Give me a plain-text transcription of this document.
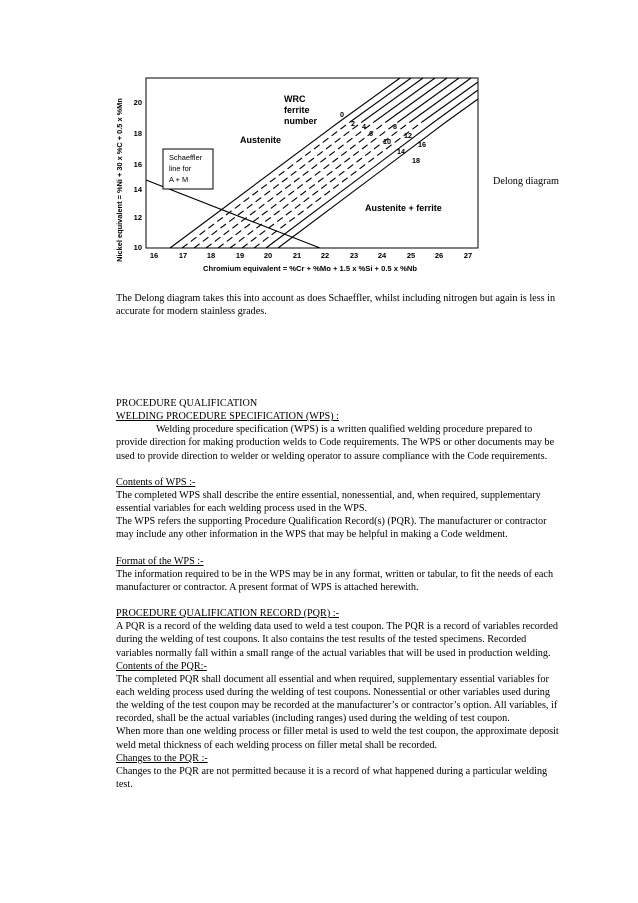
Nickel equivalent = %Ni + 30 x %C + 0.5 x %Mn 20
18
16
14
12
10
16	17	18	19	20	21	22	23	24	25	26	27
Chromium equivalent = %Cr + %Mo + 1.5 x %Si + 0.5 x %Nb
Schaeffler
line for
A + M
Austenite
Austenite + ferrite
WRC
ferrite
number
0
2 4
6
8
10
12
14
16
18
Delong diagram
The Delong diagram takes this into account as does Schaeffler, whilst including nitrogen but again is less in accurate for modern stainless grades.

PROCEDURE QUALIFICATION

WELDING PROCEDURE SPECIFICATION (WPS) :

Welding procedure specification (WPS) is a written qualified welding procedure prepared to provide direction for making production welds to Code requirements. The WPS or other documents may be used to provide direction to welder or welding operator to assure compliance with the Code requirements.

Contents of WPS :-

The completed WPS shall describe the entire essential, nonessential, and, when required, supplementary essential variables for each welding process used in the WPS.

The WPS refers the supporting Procedure Qualification Record(s) (PQR). The manufacturer or contractor may include any other information in the WPS that may be helpful in making a Code weldment.

Format of the WPS :-

The information required to be in the WPS may be in any format, written or tabular, to fit the needs of each manufacturer or contractor. A present format of WPS is attached herewith.

PROCEDURE QUALIFICATION RECORD (PQR) :-

A PQR is a record of the welding data used to weld a test coupon. The PQR is a record of variables recorded during the welding of test coupons. It also contains the test results of the tested specimens. Recorded variables normally fall within a small range of the actual variables that will be used in production welding.

Contents of the PQR:-

The completed PQR shall document all essential and when required, supplementary essential variables for each welding process used during the welding of test coupons. Nonessential or other variables used during the welding of the test coupon may be recorded at the manufacturer’s or contractor’s option. All variables, if recorded, shall be the actual variables (including ranges) used during the welding of test coupon.

When more than one welding process or filler metal is used to weld the test coupon, the approximate deposit weld metal thickness of each welding process on filler metal shall be recorded.

Changes to the PQR :-

Changes to the PQR are not permitted because it is a record of what happened during a particular welding test.
